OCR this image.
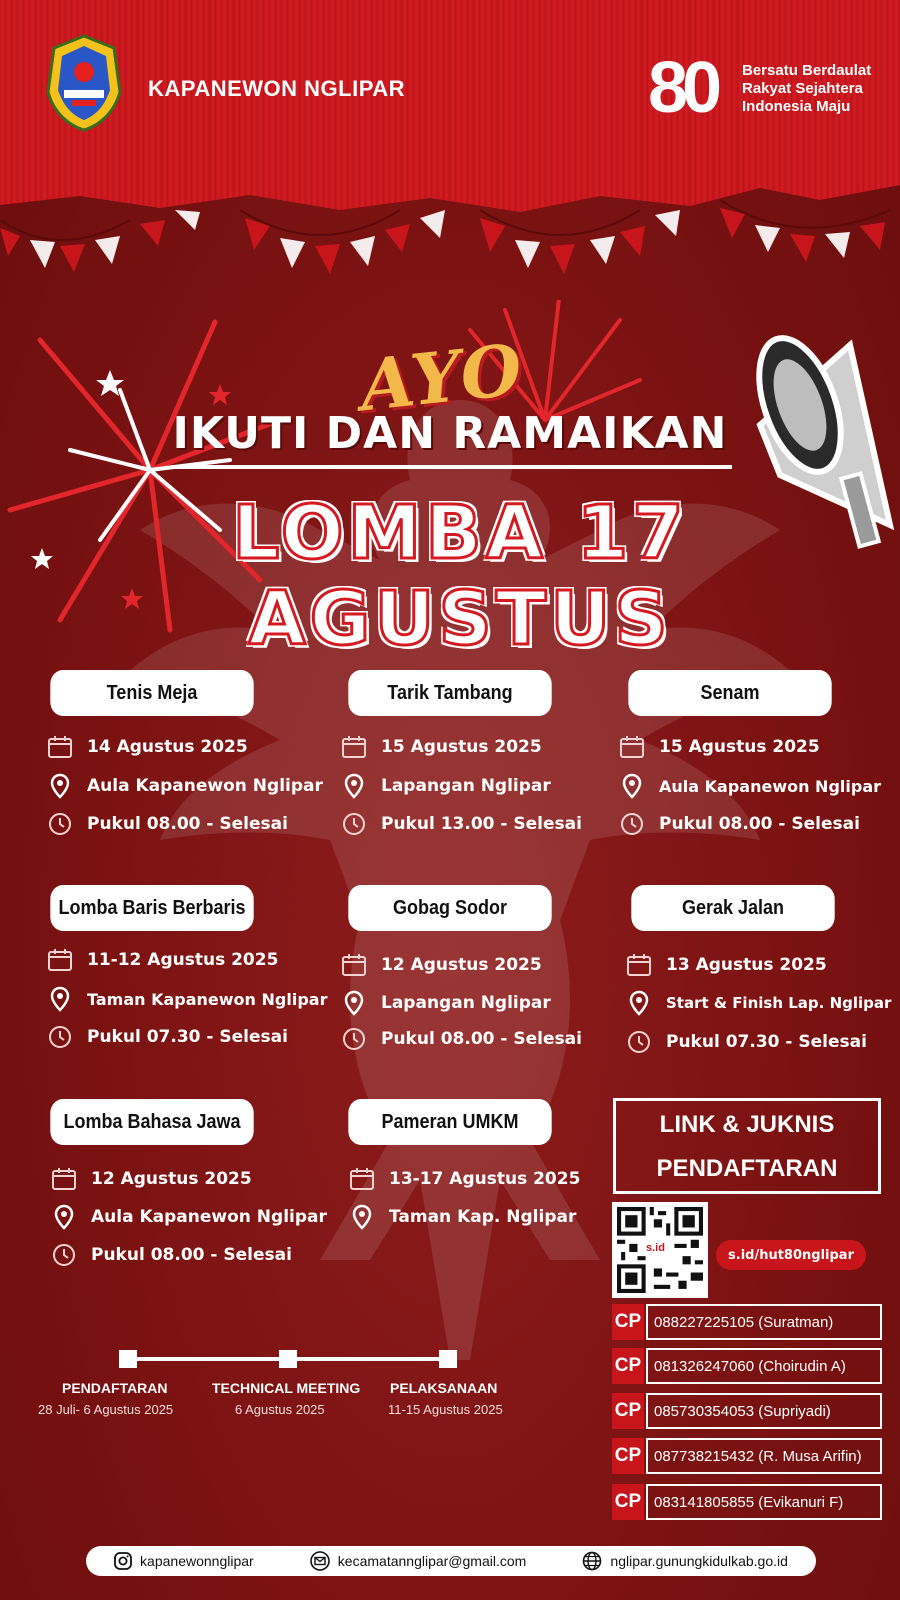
KAPANEWON NGLIPAR	80 Bersatu Berdaulat
Rakyat Sejahtera
Indonesia Maju
AYO
IKUTI DAN RAMAIKAN
LOMBA 17 AGUSTUS
Tenis Meja
14 Agustus 2025
Aula Kapanewon Nglipar
Pukul 08.00 - Selesai
Tarik Tambang
15 Agustus 2025
Lapangan Nglipar
Pukul 13.00 - Selesai
Senam
15 Agustus 2025
Aula Kapanewon Nglipar
Pukul 08.00 - Selesai
Lomba Baris Berbaris
11-12 Agustus 2025
Taman Kapanewon Nglipar
Pukul 07.30 - Selesai
Gobag Sodor
12 Agustus 2025
Lapangan Nglipar
Pukul 08.00 - Selesai
Gerak Jalan
13 Agustus 2025
Start & Finish Lap. Nglipar
Pukul 07.30 - Selesai
Lomba Bahasa Jawa
12 Agustus 2025
Aula Kapanewon Nglipar
Pukul 08.00 - Selesai
Pameran UMKM
13-17 Agustus 2025
Taman Kap. Nglipar
LINK & JUKNIS
PENDAFTARAN
s.id	s.id/hut80nglipar
CP 088227225105 (Suratman)
CP 081326247060 (Choirudin A)
CP 085730354053 (Supriyadi)
CP 087738215432 (R. Musa Arifin)
CP 083141805855 (Evikanuri F)
PENDAFTARAN
28 Juli- 6 Agustus 2025
TECHNICAL MEETING
6 Agustus 2025
PELAKSANAAN
11-15 Agustus 2025
kapanewonnglipar	kecamatannglipar@gmail.com	nglipar.gunungkidulkab.go.id
